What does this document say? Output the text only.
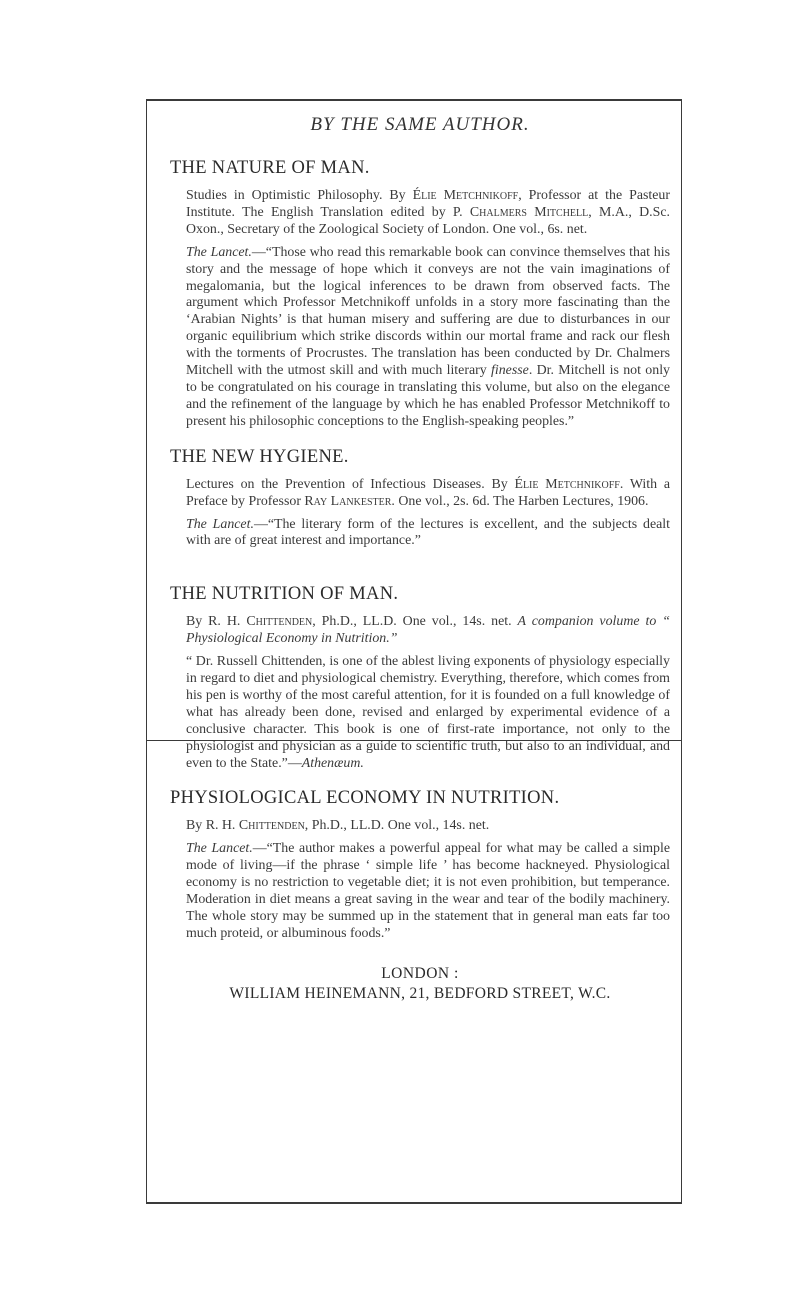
BY THE SAME AUTHOR.
THE NATURE OF MAN.

Studies in Optimistic Philosophy. By Élie Metchnikoff, Professor at the Pasteur Institute. The English Translation edited by P. Chalmers Mitchell, M.A., D.Sc. Oxon., Secretary of the Zoological Society of London. One vol., 6s. net.

The Lancet.—“Those who read this remarkable book can convince themselves that his story and the message of hope which it conveys are not the vain imaginations of megalomania, but the logical inferences to be drawn from observed facts. The argument which Professor Metchnikoff unfolds in a story more fascinating than the ‘Arabian Nights’ is that human misery and suffering are due to disturbances in our organic equilibrium which strike discords within our mortal frame and rack our flesh with the torments of Procrustes. The translation has been conducted by Dr. Chalmers Mitchell with the utmost skill and with much literary finesse. Dr. Mitchell is not only to be congratulated on his courage in translating this volume, but also on the elegance and the refinement of the language by which he has enabled Professor Metchnikoff to present his philosophic conceptions to the English-speaking peoples.”

THE NEW HYGIENE.

Lectures on the Prevention of Infectious Diseases. By Élie Metchnikoff. With a Preface by Professor Ray Lankester. One vol., 2s. 6d. The Harben Lectures, 1906.

The Lancet.—“The literary form of the lectures is excellent, and the subjects dealt with are of great interest and importance.”

THE NUTRITION OF MAN.

By R. H. Chittenden, Ph.D., LL.D. One vol., 14s. net. A companion volume to “ Physiological Economy in Nutrition.”

“ Dr. Russell Chittenden, is one of the ablest living exponents of physiology especially in regard to diet and physiological chemistry. Everything, therefore, which comes from his pen is worthy of the most careful attention, for it is founded on a full knowledge of what has already been done, revised and enlarged by experimental evidence of a conclusive character. This book is one of first-rate importance, not only to the physiologist and physician as a guide to scientific truth, but also to an individual, and even to the State.”—Athenæum.

PHYSIOLOGICAL ECONOMY IN NUTRITION.

By R. H. Chittenden, Ph.D., LL.D. One vol., 14s. net.

The Lancet.—“The author makes a powerful appeal for what may be called a simple mode of living—if the phrase ‘ simple life ’ has become hackneyed. Physiological economy is no restriction to vegetable diet; it is not even prohibition, but temperance. Moderation in diet means a great saving in the wear and tear of the bodily machinery. The whole story may be summed up in the statement that in general man eats far too much proteid, or albuminous foods.”

LONDON :
WILLIAM HEINEMANN, 21, BEDFORD STREET, W.C.
